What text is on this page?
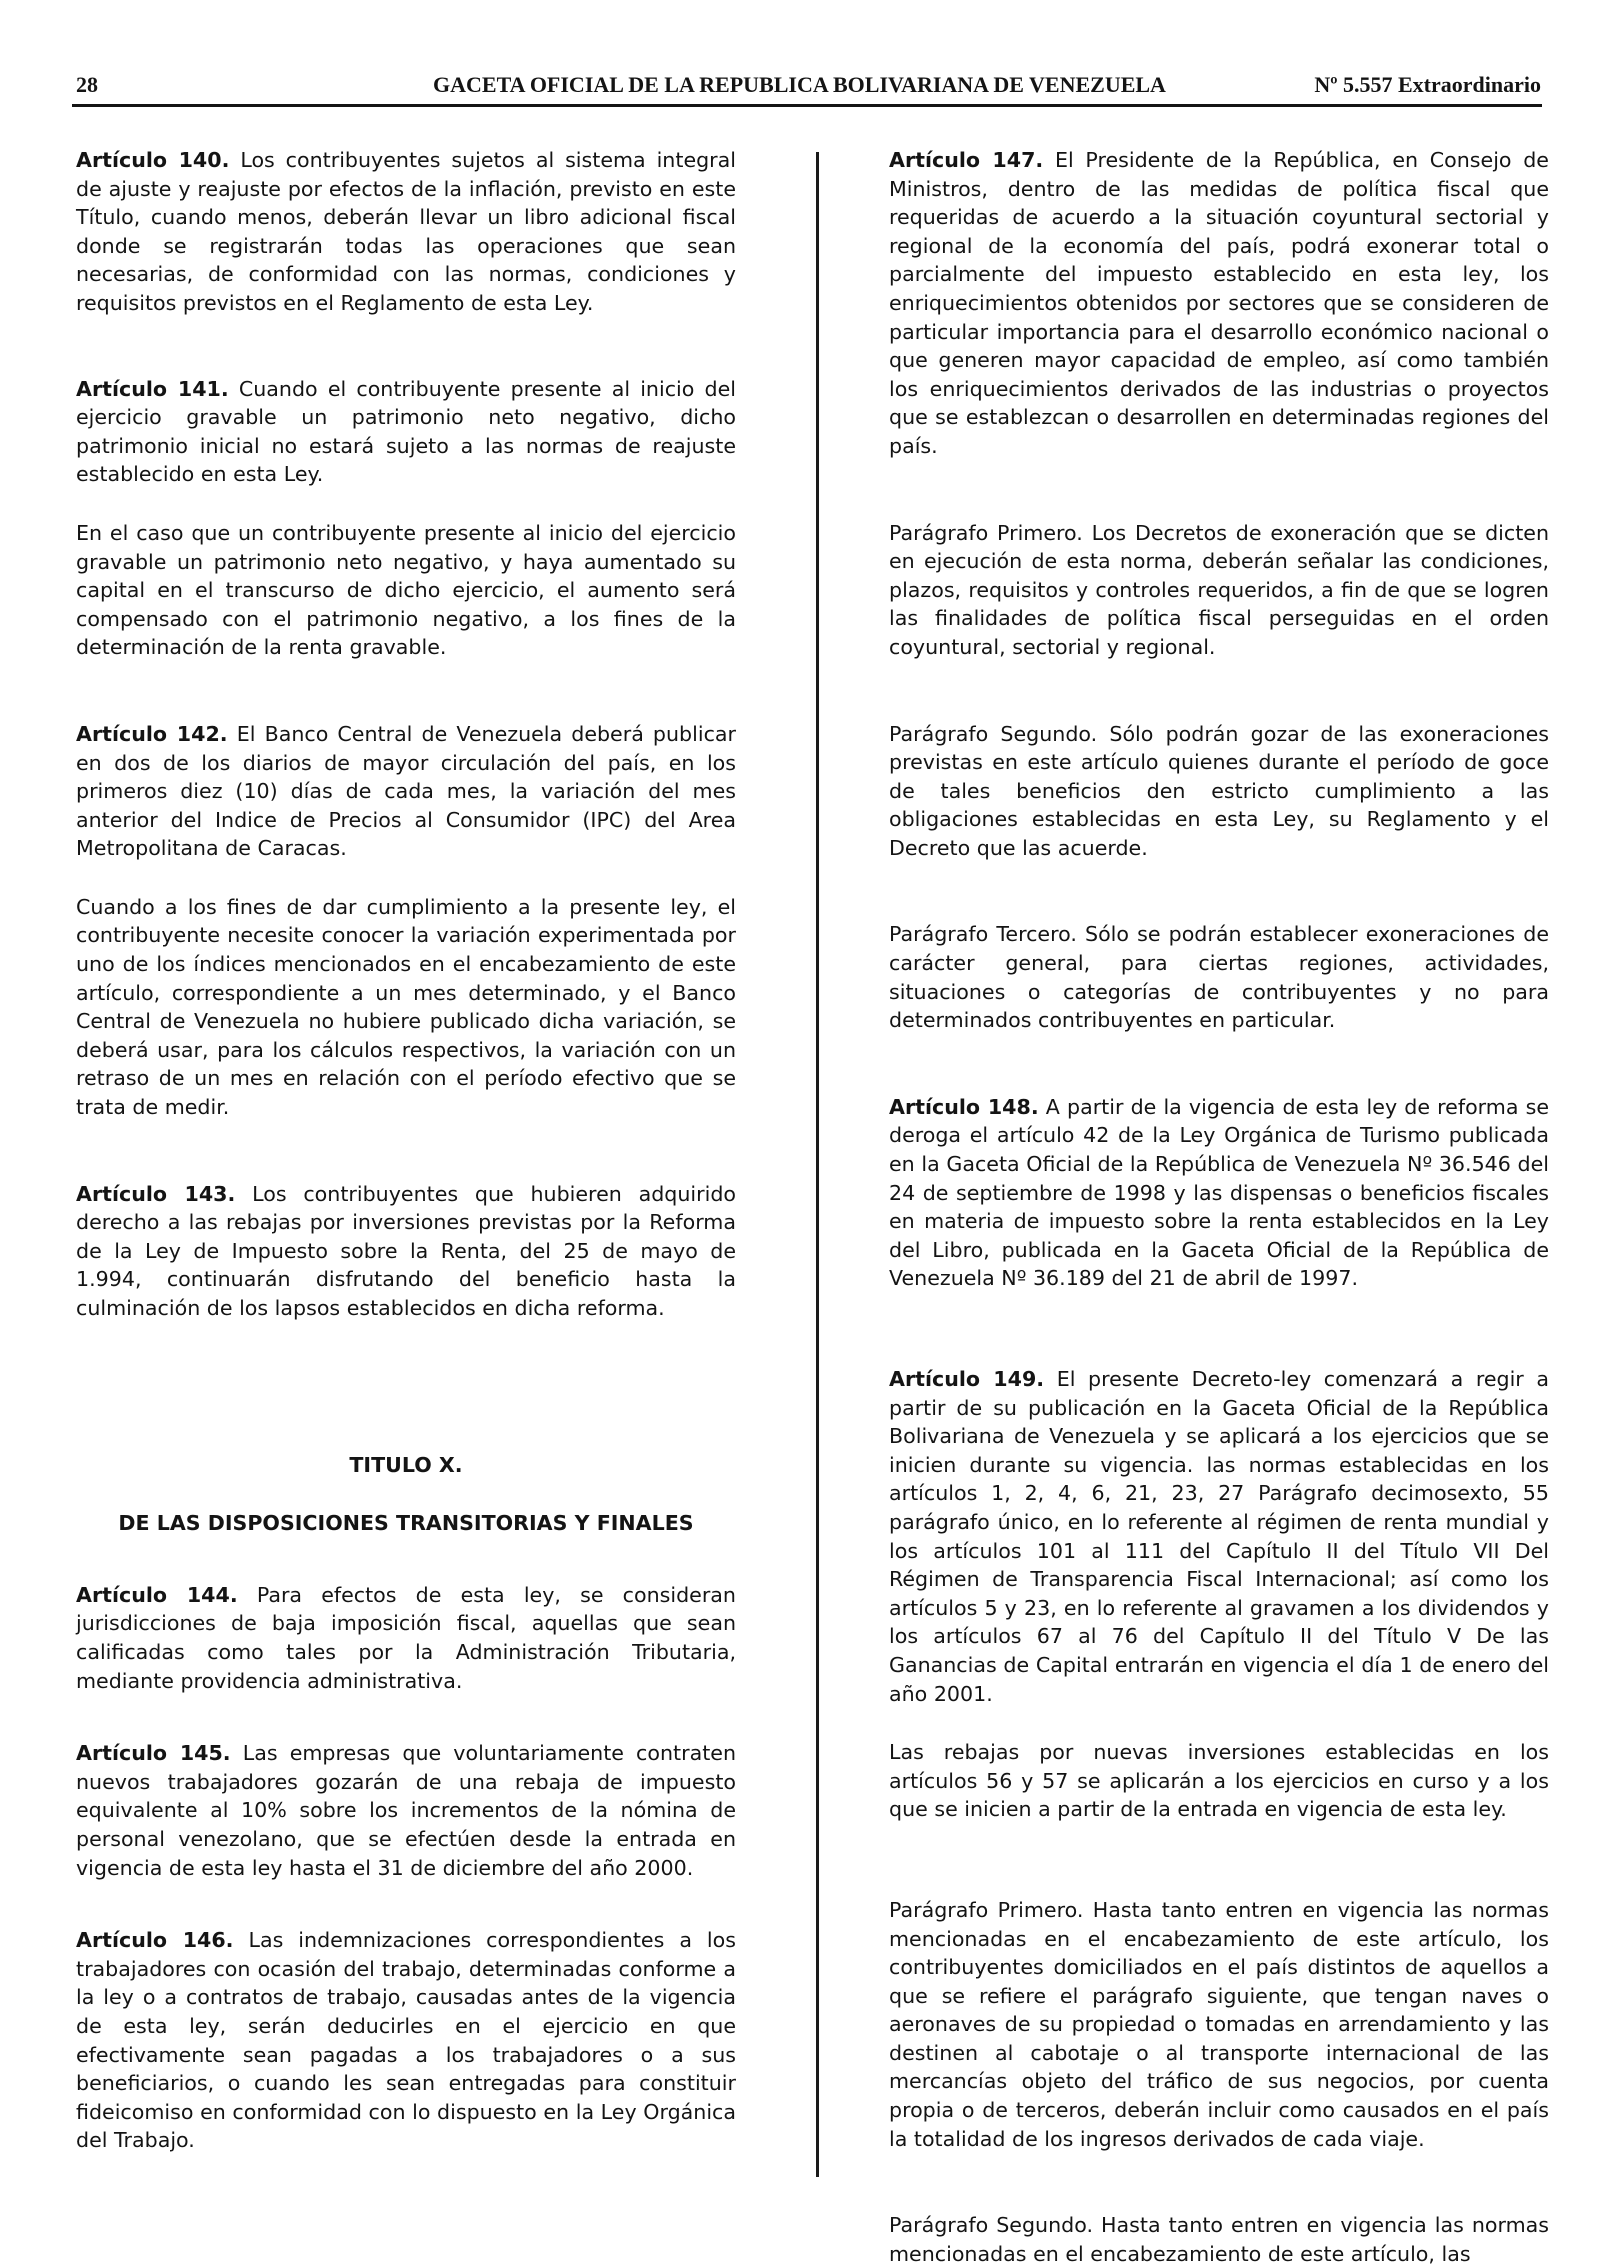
28	GACETA OFICIAL DE LA REPUBLICA BOLIVARIANA DE VENEZUELA	Nº 5.557 Extraordinario

Artículo 140. Los contribuyentes sujetos al sistema integral de ajuste y reajuste por efectos de la inflación, previsto en este Título, cuando menos, deberán llevar un libro adicional fiscal donde se registrarán todas las operaciones que sean necesarias, de conformidad con las normas, condiciones y requisitos previstos en el Reglamento de esta Ley.

Artículo 141. Cuando el contribuyente presente al inicio del ejercicio gravable un patrimonio neto negativo, dicho patrimonio inicial no estará sujeto a las normas de reajuste establecido en esta Ley.

En el caso que un contribuyente presente al inicio del ejercicio gravable un patrimonio neto negativo, y haya aumentado su capital en el transcurso de dicho ejercicio, el aumento será compensado con el patrimonio negativo, a los fines de la determinación de la renta gravable.

Artículo 142. El Banco Central de Venezuela deberá publicar en dos de los diarios de mayor circulación del país, en los primeros diez (10) días de cada mes, la variación del mes anterior del Indice de Precios al Consumidor (IPC) del Area Metropolitana de Caracas.

Cuando a los fines de dar cumplimiento a la presente ley, el contribuyente necesite conocer la variación experimentada por uno de los índices mencionados en el encabezamiento de este artículo, correspondiente a un mes determinado, y el Banco Central de Venezuela no hubiere publicado dicha variación, se deberá usar, para los cálculos respectivos, la variación con un retraso de un mes en relación con el período efectivo que se trata de medir.

Artículo 143. Los contribuyentes que hubieren adquirido derecho a las rebajas por inversiones previstas por la Reforma de la Ley de Impuesto sobre la Renta, del 25 de mayo de 1.994, continuarán disfrutando del beneficio hasta la culminación de los lapsos establecidos en dicha reforma.

TITULO X.

DE LAS DISPOSICIONES TRANSITORIAS Y FINALES

Artículo 144. Para efectos de esta ley, se consideran jurisdicciones de baja imposición fiscal, aquellas que sean calificadas como tales por la Administración Tributaria, mediante providencia administrativa.

Artículo 145. Las empresas que voluntariamente contraten nuevos trabajadores gozarán de una rebaja de impuesto equivalente al 10% sobre los incrementos de la nómina de personal venezolano, que se efectúen desde la entrada en vigencia de esta ley hasta el 31 de diciembre del año 2000.

Artículo 146. Las indemnizaciones correspondientes a los trabajadores con ocasión del trabajo, determinadas conforme a la ley o a contratos de trabajo, causadas antes de la vigencia de esta ley, serán deducirles en el ejercicio en que efectivamente sean pagadas a los trabajadores o a sus beneficiarios, o cuando les sean entregadas para constituir fideicomiso en conformidad con lo dispuesto en la Ley Orgánica del Trabajo.

Artículo 147. El Presidente de la República, en Consejo de Ministros, dentro de las medidas de política fiscal que requeridas de acuerdo a la situación coyuntural sectorial y regional de la economía del país, podrá exonerar total o parcialmente del impuesto establecido en esta ley, los enriquecimientos obtenidos por sectores que se consideren de particular importancia para el desarrollo económico nacional o que generen mayor capacidad de empleo, así como también los enriquecimientos derivados de las industrias o proyectos que se establezcan o desarrollen en determinadas regiones del país.

Parágrafo Primero. Los Decretos de exoneración que se dicten en ejecución de esta norma, deberán señalar las condiciones, plazos, requisitos y controles requeridos, a fin de que se logren las finalidades de política fiscal perseguidas en el orden coyuntural, sectorial y regional.

Parágrafo Segundo. Sólo podrán gozar de las exoneraciones previstas en este artículo quienes durante el período de goce de tales beneficios den estricto cumplimiento a las obligaciones establecidas en esta Ley, su Reglamento y el Decreto que las acuerde.

Parágrafo Tercero. Sólo se podrán establecer exoneraciones de carácter general, para ciertas regiones, actividades, situaciones o categorías de contribuyentes y no para determinados contribuyentes en particular.

Artículo 148. A partir de la vigencia de esta ley de reforma se deroga el artículo 42 de la Ley Orgánica de Turismo publicada en la Gaceta Oficial de la República de Venezuela Nº 36.546 del 24 de septiembre de 1998 y las dispensas o beneficios fiscales en materia de impuesto sobre la renta establecidos en la Ley del Libro, publicada en la Gaceta Oficial de la República de Venezuela Nº 36.189 del 21 de abril de 1997.

Artículo 149. El presente Decreto-ley comenzará a regir a partir de su publicación en la Gaceta Oficial de la República Bolivariana de Venezuela y se aplicará a los ejercicios que se inicien durante su vigencia. las normas establecidas en los artículos 1, 2, 4, 6, 21, 23, 27 Parágrafo decimosexto, 55 parágrafo único, en lo referente al régimen de renta mundial y los artículos 101 al 111 del Capítulo II del Título VII Del Régimen de Transparencia Fiscal Internacional; así como los artículos 5 y 23, en lo referente al gravamen a los dividendos y los artículos 67 al 76 del Capítulo II del Título V De las Ganancias de Capital entrarán en vigencia el día 1 de enero del año 2001.

Las rebajas por nuevas inversiones establecidas en los artículos 56 y 57 se aplicarán a los ejercicios en curso y a los que se inicien a partir de la entrada en vigencia de esta ley.

Parágrafo Primero. Hasta tanto entren en vigencia las normas mencionadas en el encabezamiento de este artículo, los contribuyentes domiciliados en el país distintos de aquellos a que se refiere el parágrafo siguiente, que tengan naves o aeronaves de su propiedad o tomadas en arrendamiento y las destinen al cabotaje o al transporte internacional de las mercancías objeto del tráfico de sus negocios, por cuenta propia o de terceros, deberán incluir como causados en el país la totalidad de los ingresos derivados de cada viaje.

Parágrafo Segundo. Hasta tanto entren en vigencia las normas mencionadas en el encabezamiento de este artículo, las
